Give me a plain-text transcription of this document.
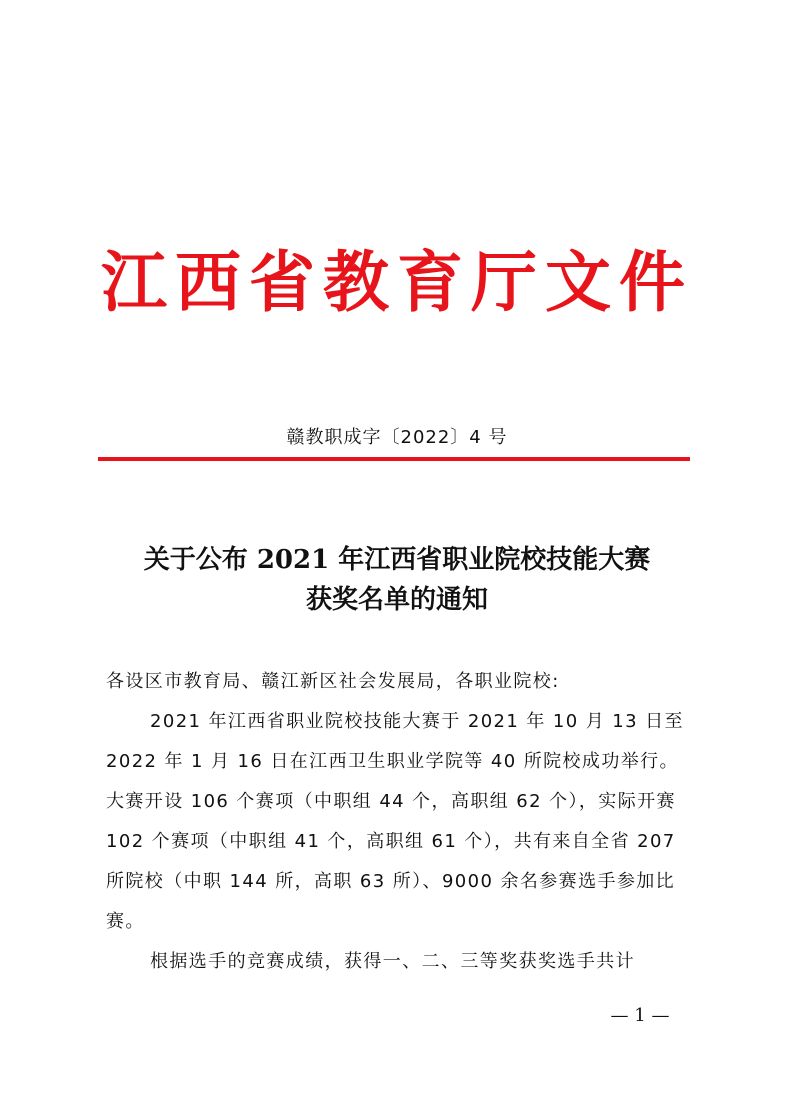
江西省教育厅文件
赣教职成字〔2022〕4 号
关于公布 2021 年江西省职业院校技能大赛
获奖名单的通知

各设区市教育局、赣江新区社会发展局，各职业院校:

2021 年江西省职业院校技能大赛于 2021 年 10 月 13 日至 2022 年 1 月 16 日在江西卫生职业学院等 40 所院校成功举行。大赛开设 106 个赛项（中职组 44 个，高职组 62 个），实际开赛 102 个赛项（中职组 41 个，高职组 61 个），共有来自全省 207 所院校（中职 144 所，高职 63 所）、9000 余名参赛选手参加比赛。

根据选手的竞赛成绩，获得一、二、三等奖获奖选手共计

— 1 —
